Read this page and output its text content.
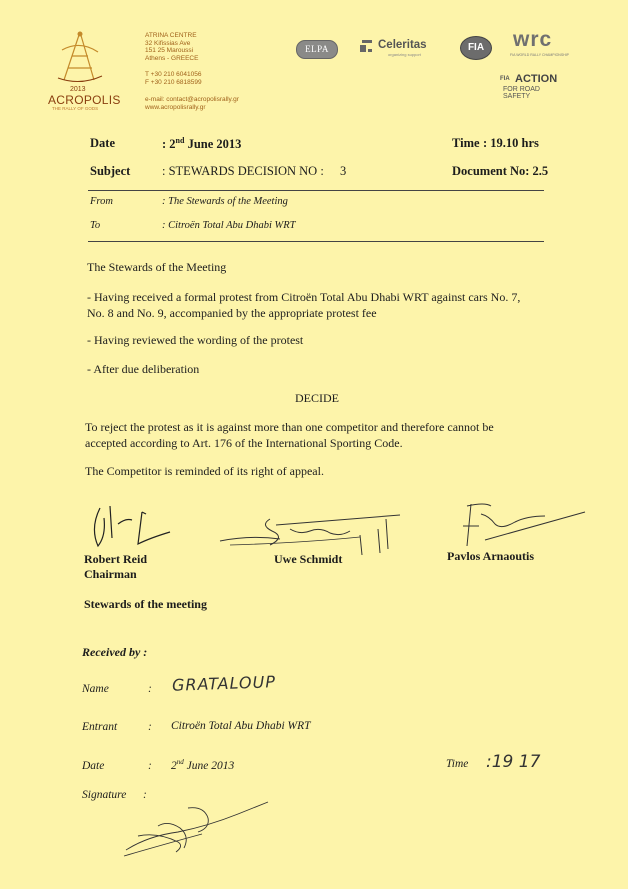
2013
ACROPOLIS
THE RALLY OF GODS
ATRINA CENTRE
32 Kifissias Ave
151 25 Maroussi
Athens - GREECE
T +30 210 6041056
F +30 210 6818599
e-mail: contact@acropolisrally.gr
www.acropolisrally.gr
ELPA	Celeritas
organizing support
FIA	wrc
FIA WORLD RALLY CHAMPIONSHIP
FIA ACTION
FOR ROAD SAFETY
Date	: 2nd June 2013	Time : 19.10 hrs
Subject	: STEWARDS DECISION NO : 3	Document No: 2.5
From	: The Stewards of the Meeting
To	: Citroën Total Abu Dhabi WRT
The Stewards of the Meeting
- Having received a formal protest from Citroën Total Abu Dhabi WRT against cars No. 7,
No. 8 and No. 9, accompanied by the appropriate protest fee
- Having reviewed the wording of the protest
- After due deliberation
DECIDE
To reject the protest as it is against more than one competitor and therefore cannot be
accepted according to Art. 176 of the International Sporting Code.
The Competitor is reminded of its right of appeal.
Robert Reid
Chairman
Uwe Schmidt	Pavlos Arnaoutis
Stewards of the meeting
Received by :
Name	: GRATALOUP
Entrant	: Citroën Total Abu Dhabi WRT
Date	: 2nd June 2013	Time :19 17
Signature :
